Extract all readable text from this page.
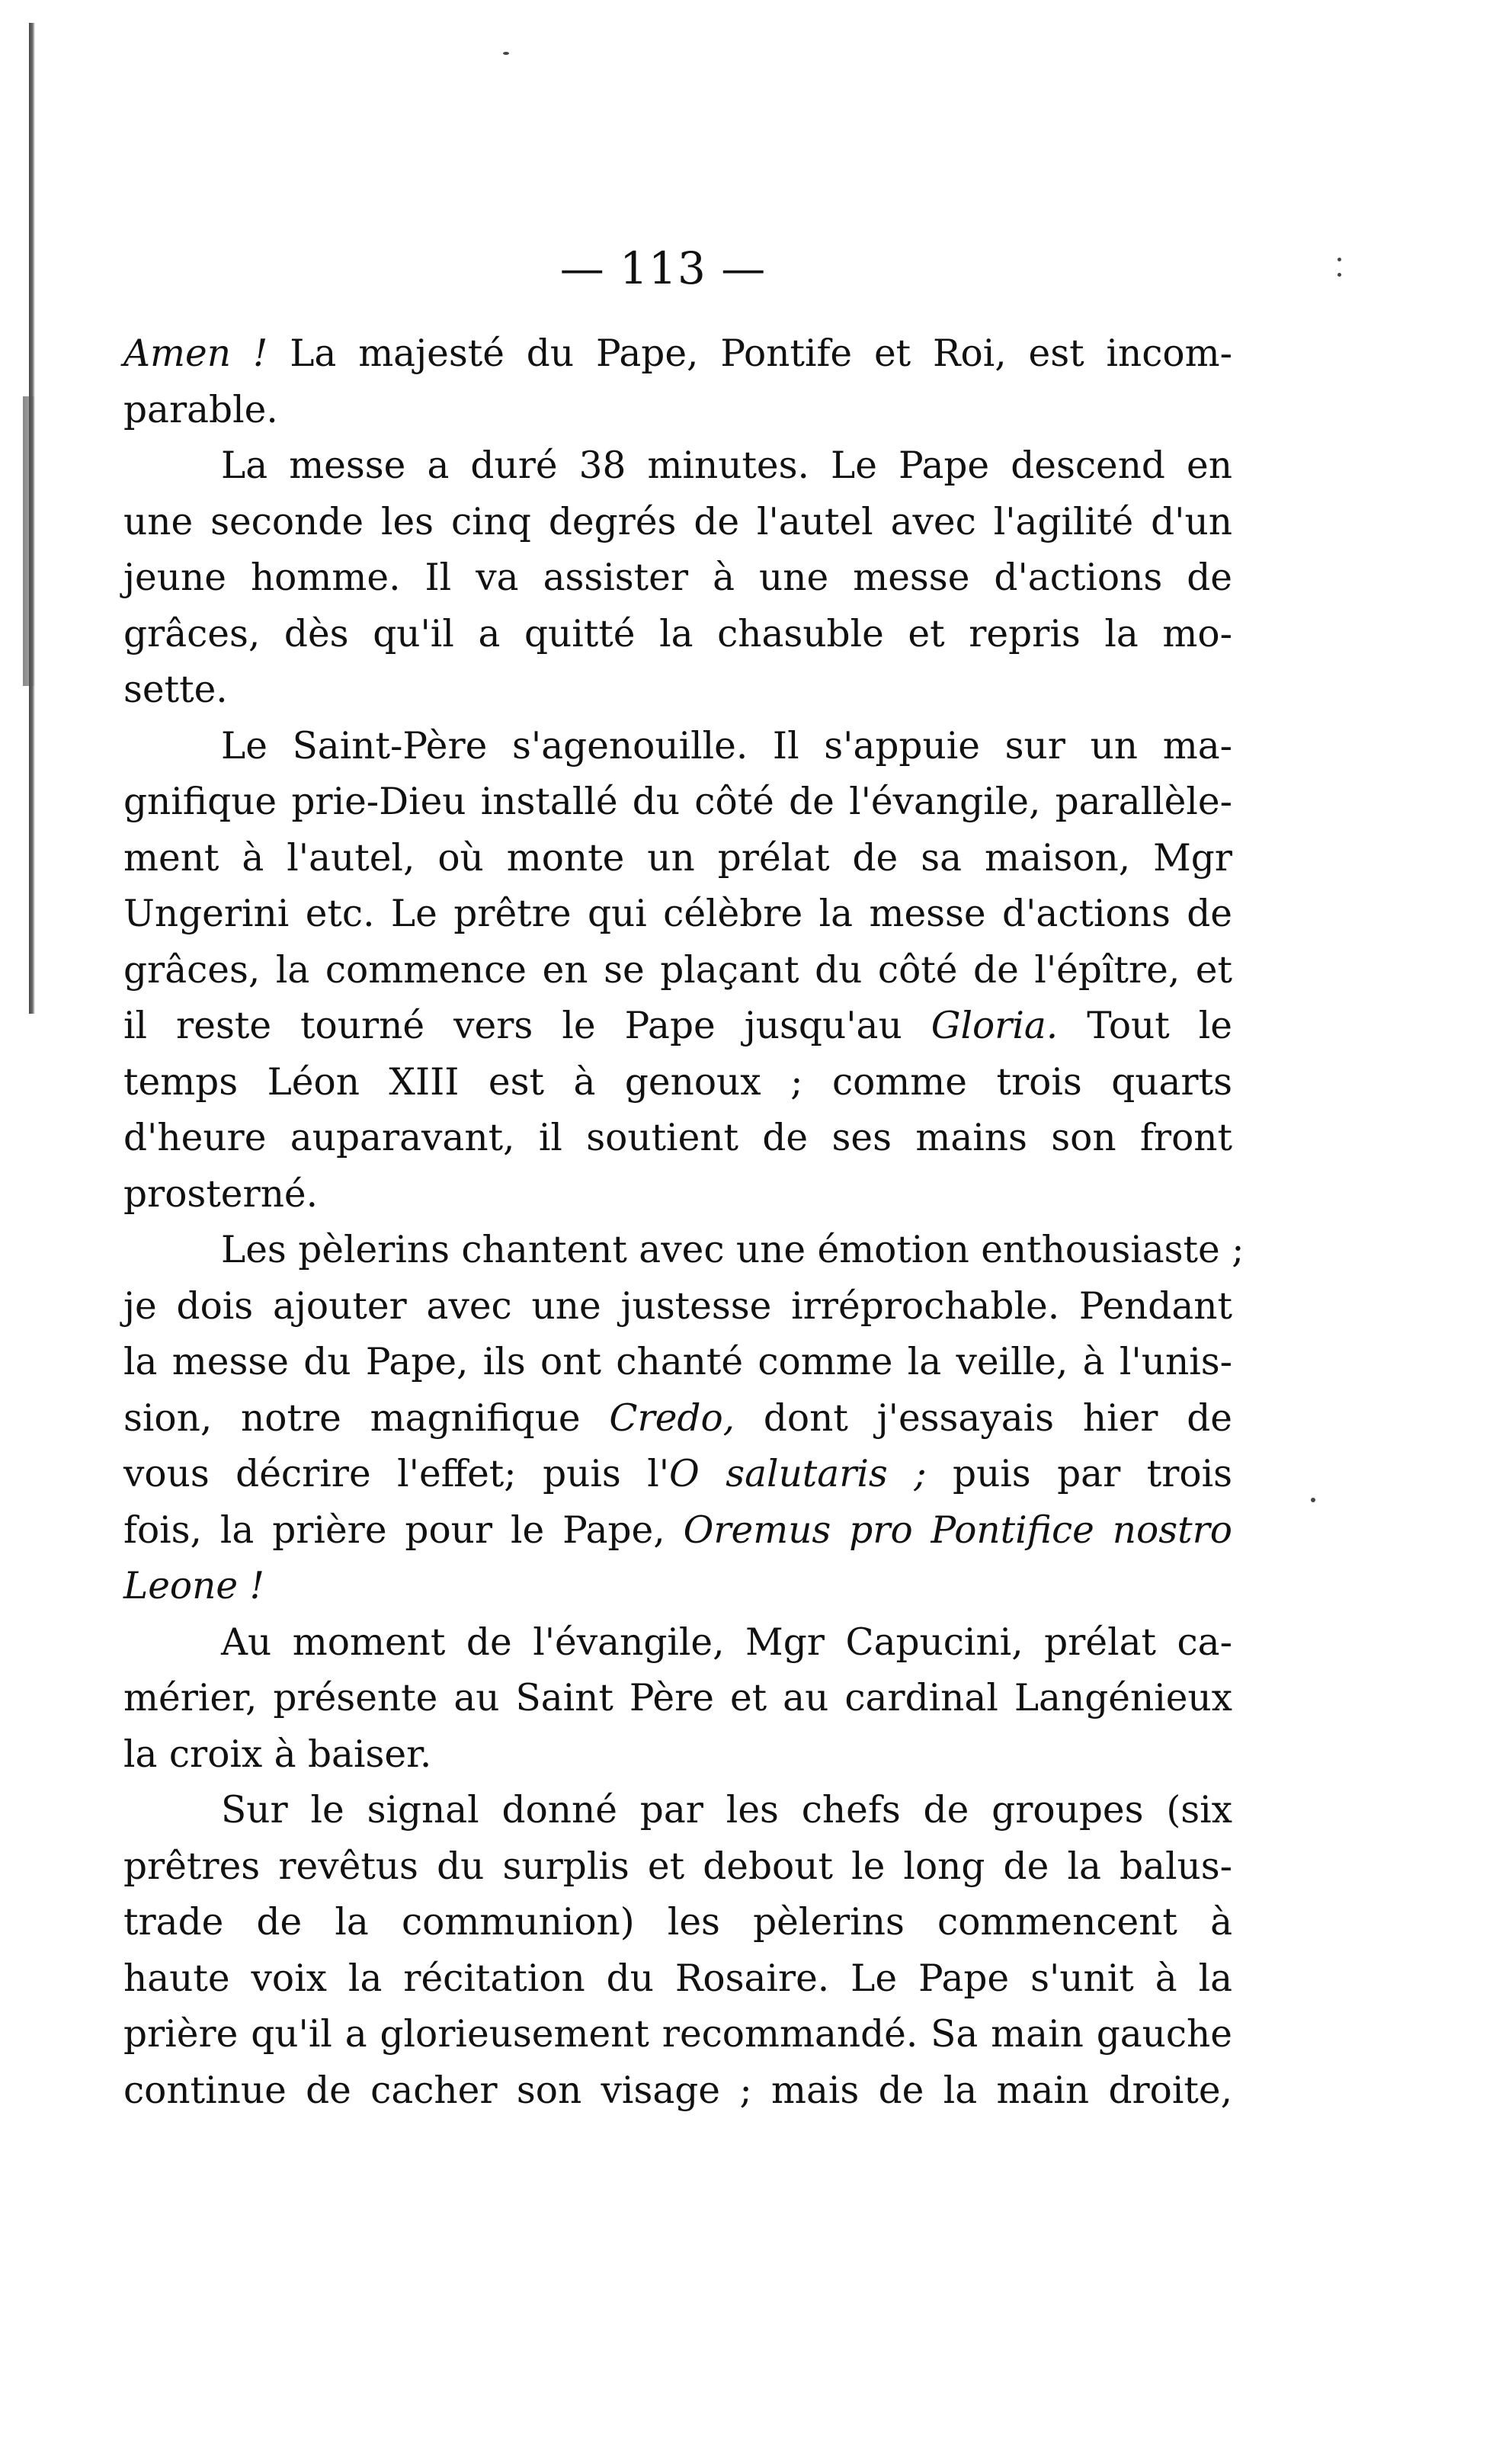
— 113 —
Amen ! La majesté du Pape, Pontife et Roi, est incom-
parable.
La messe a duré 38 minutes. Le Pape descend en
une seconde les cinq degrés de l'autel avec l'agilité d'un
jeune homme. Il va assister à une messe d'actions de
grâces, dès qu'il a quitté la chasuble et repris la mo-
sette.
Le Saint-Père s'agenouille. Il s'appuie sur un ma-
gnifique prie-Dieu installé du côté de l'évangile, parallèle-
ment à l'autel, où monte un prélat de sa maison, Mgr
Ungerini etc. Le prêtre qui célèbre la messe d'actions de
grâces, la commence en se plaçant du côté de l'épître, et
il reste tourné vers le Pape jusqu'au Gloria. Tout le
temps Léon XIII est à genoux ; comme trois quarts
d'heure auparavant, il soutient de ses mains son front
prosterné.
Les pèlerins chantent avec une émotion enthousiaste ;
je dois ajouter avec une justesse irréprochable. Pendant
la messe du Pape, ils ont chanté comme la veille, à l'unis-
sion, notre magnifique Credo, dont j'essayais hier de
vous décrire l'effet; puis l'O salutaris ; puis par trois
fois, la prière pour le Pape, Oremus pro Pontifice nostro
Leone !
Au moment de l'évangile, Mgr Capucini, prélat ca-
mérier, présente au Saint Père et au cardinal Langénieux
la croix à baiser.
Sur le signal donné par les chefs de groupes (six
prêtres revêtus du surplis et debout le long de la balus-
trade de la communion) les pèlerins commencent à
haute voix la récitation du Rosaire. Le Pape s'unit à la
prière qu'il a glorieusement recommandé. Sa main gauche
continue de cacher son visage ; mais de la main droite,
